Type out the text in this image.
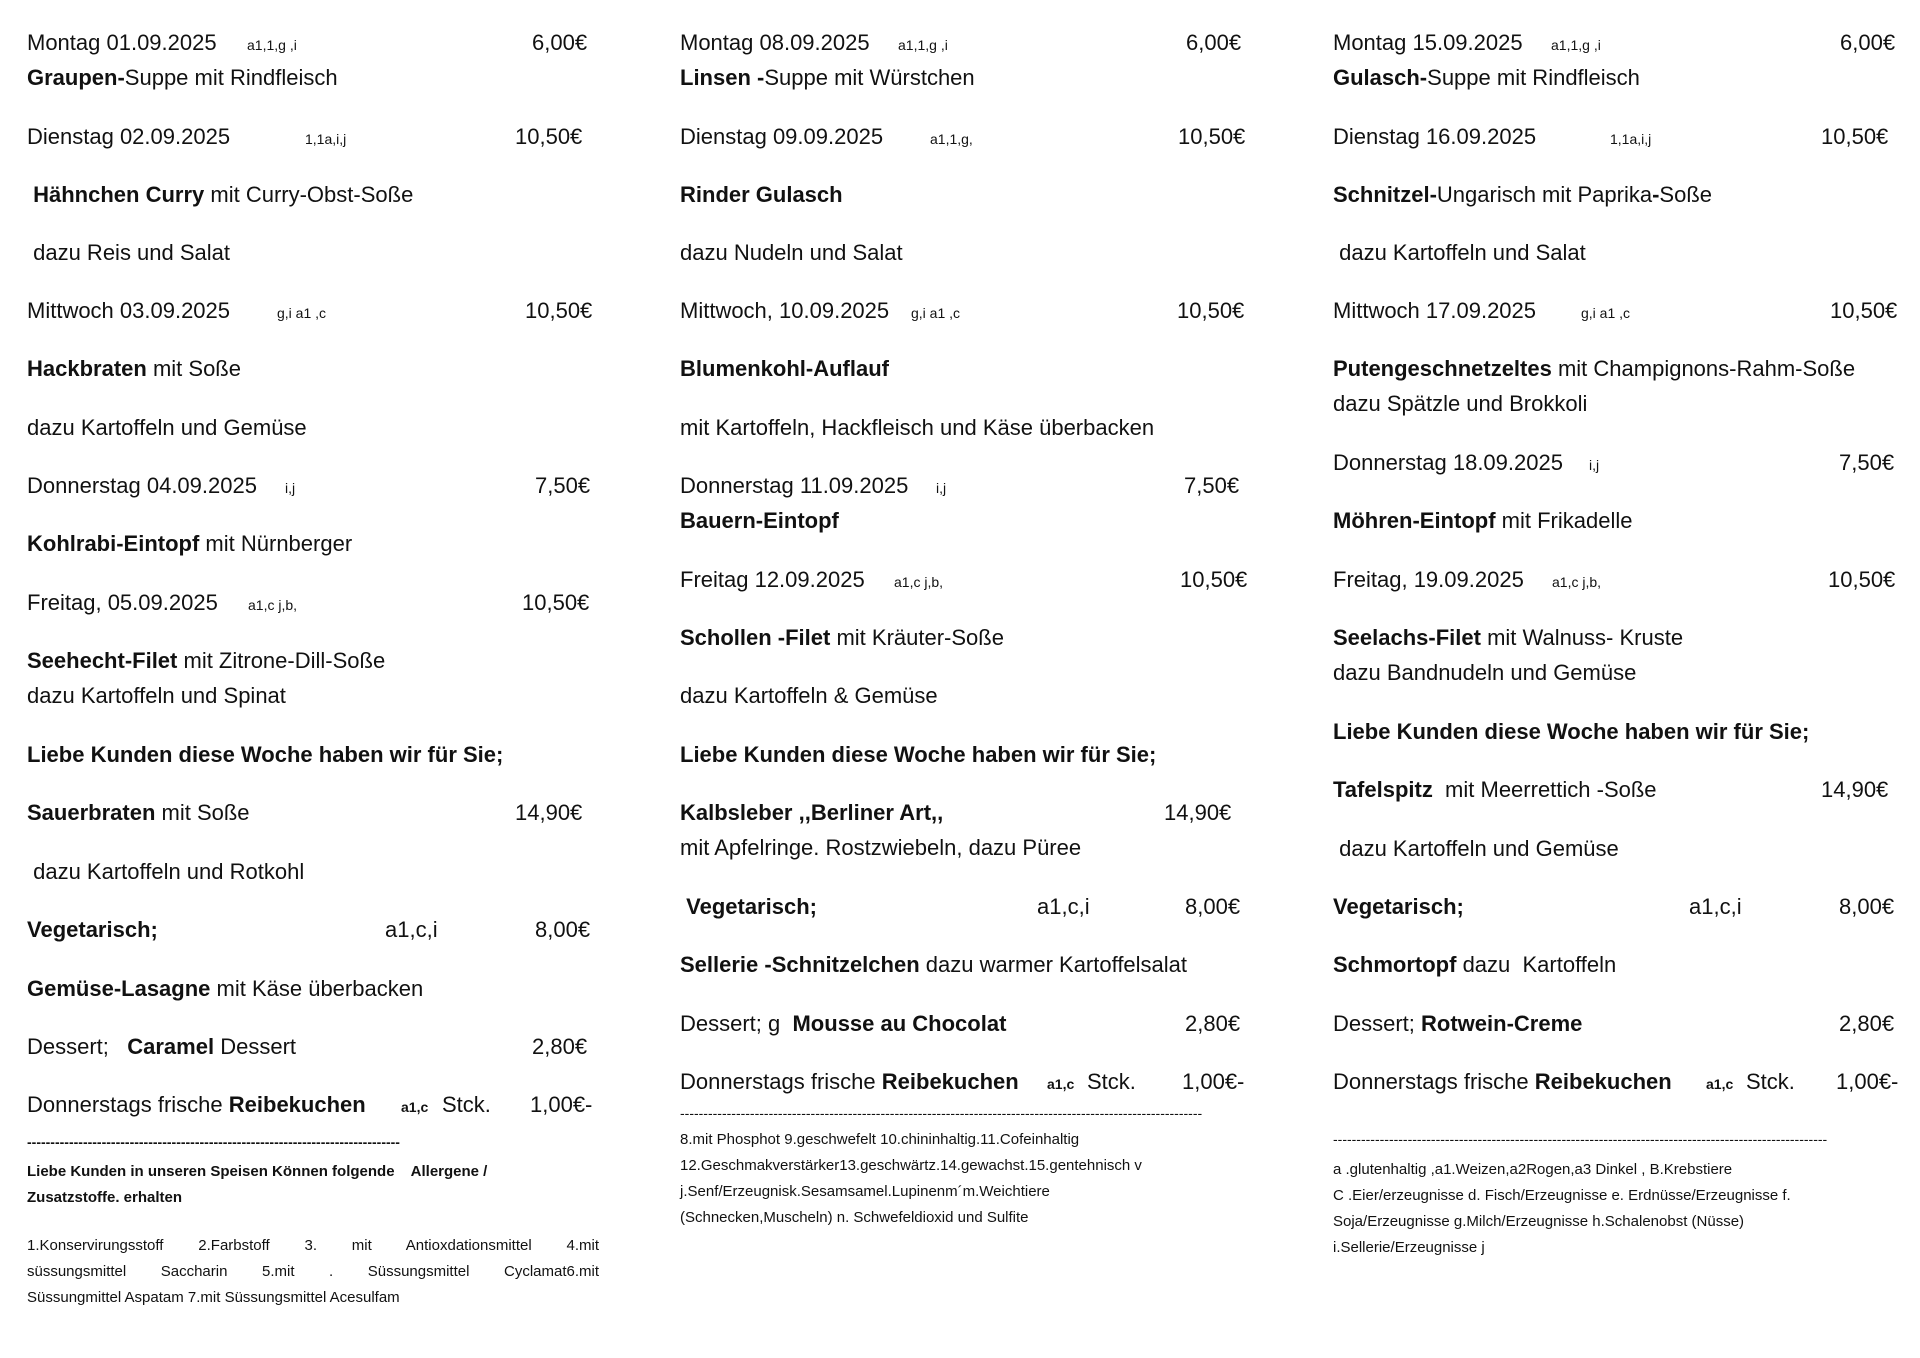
Montag 01.09.2025 a1,1,g ,i	6,00€
Graupen-Suppe mit Rindfleisch
Dienstag 02.09.2025	1,1a,i,j	10,50€
Hähnchen Curry mit Curry-Obst-Soße
dazu Reis und Salat
Mittwoch 03.09.2025	g,i a1 ,c	10,50€
Hackbraten mit Soße
dazu Kartoffeln und Gemüse
Donnerstag 04.09.2025 i,j	7,50€
Kohlrabi-Eintopf mit Nürnberger
Freitag, 05.09.2025 a1,c j,b,	10,50€
Seehecht-Filet mit Zitrone-Dill-Soße
dazu Kartoffeln und Spinat
Liebe Kunden diese Woche haben wir für Sie;
Sauerbraten mit Soße	14,90€
dazu Kartoffeln und Rotkohl
Vegetarisch;	a1,c,i	8,00€
Gemüse-Lasagne mit Käse überbacken
Dessert;   Caramel Dessert	2,80€
Donnerstags frische Reibekuchen	a1,c Stck. 1,00€-
--------------------------------------------------------------------------------
Liebe Kunden in unseren Speisen Können folgende    Allergene /
Zusatzstoffe. erhalten
1.Konservirungsstoff  2.Farbstoff  3.  mit  Antioxdationsmittel  4.mit
süssungsmittel  Saccharin  5.mit  .  Süssungsmittel  Cyclamat6.mit
Süssungmittel Aspatam 7.mit Süssungsmittel Acesulfam
Montag 08.09.2025 a1,1,g ,i	6,00€
Linsen -Suppe mit Würstchen
Dienstag 09.09.2025	a1,1,g,	10,50€
Rinder Gulasch
dazu Nudeln und Salat
Mittwoch, 10.09.2025 g,i a1 ,c	10,50€
Blumenkohl-Auflauf
mit Kartoffeln, Hackfleisch und Käse überbacken
Donnerstag 11.09.2025 i,j	7,50€
Bauern-Eintopf
Freitag 12.09.2025 a1,c j,b,	10,50€
Schollen -Filet mit Kräuter-Soße
dazu Kartoffeln & Gemüse
Liebe Kunden diese Woche haben wir für Sie;
Kalbsleber ,,Berliner Art,,	14,90€
mit Apfelringe. Rostzwiebeln, dazu Püree
Vegetarisch;	a1,c,i	8,00€
Sellerie -Schnitzelchen dazu warmer Kartoffelsalat
Dessert; g  Mousse au Chocolat	2,80€
Donnerstags frische Reibekuchen a1,c Stck. 1,00€-
----------------------------------------------------------------------------------------------------------------
8.mit Phosphot 9.geschwefelt 10.chininhaltig.11.Cofeinhaltig
12.Geschmakverstärker13.geschwärtz.14.gewachst.15.gentehnisch v
j.Senf/Erzeugnisk.Sesamsamel.Lupinenm´m.Weichtiere
(Schnecken,Muscheln) n. Schwefeldioxid und Sulfite
Montag 15.09.2025 a1,1,g ,i	6,00€
Gulasch-Suppe mit Rindfleisch
Dienstag 16.09.2025	1,1a,i,j	10,50€
Schnitzel-Ungarisch mit Paprika-Soße
dazu Kartoffeln und Salat
Mittwoch 17.09.2025	g,i a1 ,c	10,50€
Putengeschnetzeltes mit Champignons-Rahm-Soße
dazu Spätzle und Brokkoli
Donnerstag 18.09.2025 i,j	7,50€
Möhren-Eintopf mit Frikadelle
Freitag, 19.09.2025 a1,c j,b,	10,50€
Seelachs-Filet mit Walnuss- Kruste
dazu Bandnudeln und Gemüse
Liebe Kunden diese Woche haben wir für Sie;
Tafelspitz  mit Meerrettich -Soße	14,90€
dazu Kartoffeln und Gemüse
Vegetarisch;	a1,c,i	8,00€
Schmortopf dazu  Kartoffeln
Dessert; Rotwein-Creme	2,80€
Donnerstags frische Reibekuchen a1,c Stck. 1,00€-
----------------------------------------------------------------------------------------------------------
a .glutenhaltig ,a1.Weizen,a2Rogen,a3 Dinkel , B.Krebstiere
C .Eier/erzeugnisse d. Fisch/Erzeugnisse e. Erdnüsse/Erzeugnisse f.
Soja/Erzeugnisse g.Milch/Erzeugnisse h.Schalenobst (Nüsse)
i.Sellerie/Erzeugnisse j
